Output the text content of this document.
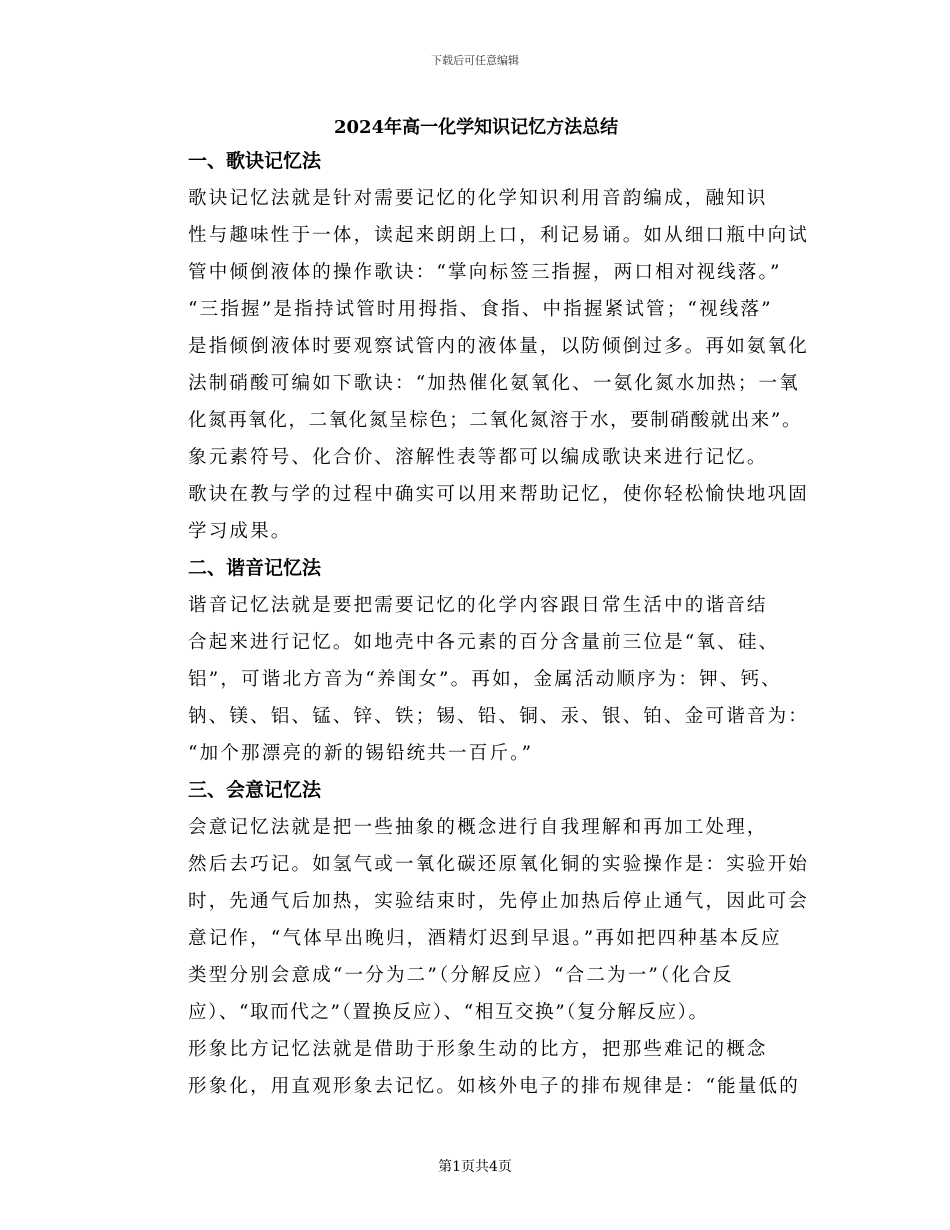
下载后可任意编辑
2024年高一化学知识记忆方法总结
一、歌诀记忆法

歌诀记忆法就是针对需要记忆的化学知识利用音韵编成，融知识
性与趣味性于一体，读起来朗朗上口，利记易诵。如从细口瓶中向试
管中倾倒液体的操作歌诀：“掌向标签三指握，两口相对视线落。”
“三指握”是指持试管时用拇指、食指、中指握紧试管；“视线落”
是指倾倒液体时要观察试管内的液体量，以防倾倒过多。再如氨氧化
法制硝酸可编如下歌诀：“加热催化氨氧化、一氨化氮水加热；一氧
化氮再氧化，二氧化氮呈棕色；二氧化氮溶于水，要制硝酸就出来”。

象元素符号、化合价、溶解性表等都可以编成歌诀来进行记忆。
歌诀在教与学的过程中确实可以用来帮助记忆，使你轻松愉快地巩固
学习成果。

二、谐音记忆法

谐音记忆法就是要把需要记忆的化学内容跟日常生活中的谐音结
合起来进行记忆。如地壳中各元素的百分含量前三位是“氧、硅、
铝”，可谐北方音为“养闺女”。再如，金属活动顺序为：钾、钙、
钠、镁、铝、锰、锌、铁；锡、铅、铜、汞、银、铂、金可谐音为：
“加个那漂亮的新的锡铅统共一百斤。”

三、会意记忆法

会意记忆法就是把一些抽象的概念进行自我理解和再加工处理，
然后去巧记。如氢气或一氧化碳还原氧化铜的实验操作是：实验开始
时，先通气后加热，实验结束时，先停止加热后停止通气，因此可会
意记作，“气体早出晚归，酒精灯迟到早退。”再如把四种基本反应
类型分别会意成“一分为二”（分解反应）“合二为一”（化合反
应）、“取而代之”（置换反应）、“相互交换”（复分解反应）。

形象比方记忆法就是借助于形象生动的比方，把那些难记的概念
形象化，用直观形象去记忆。如核外电子的排布规律是：“能量低的

第1页共4页
